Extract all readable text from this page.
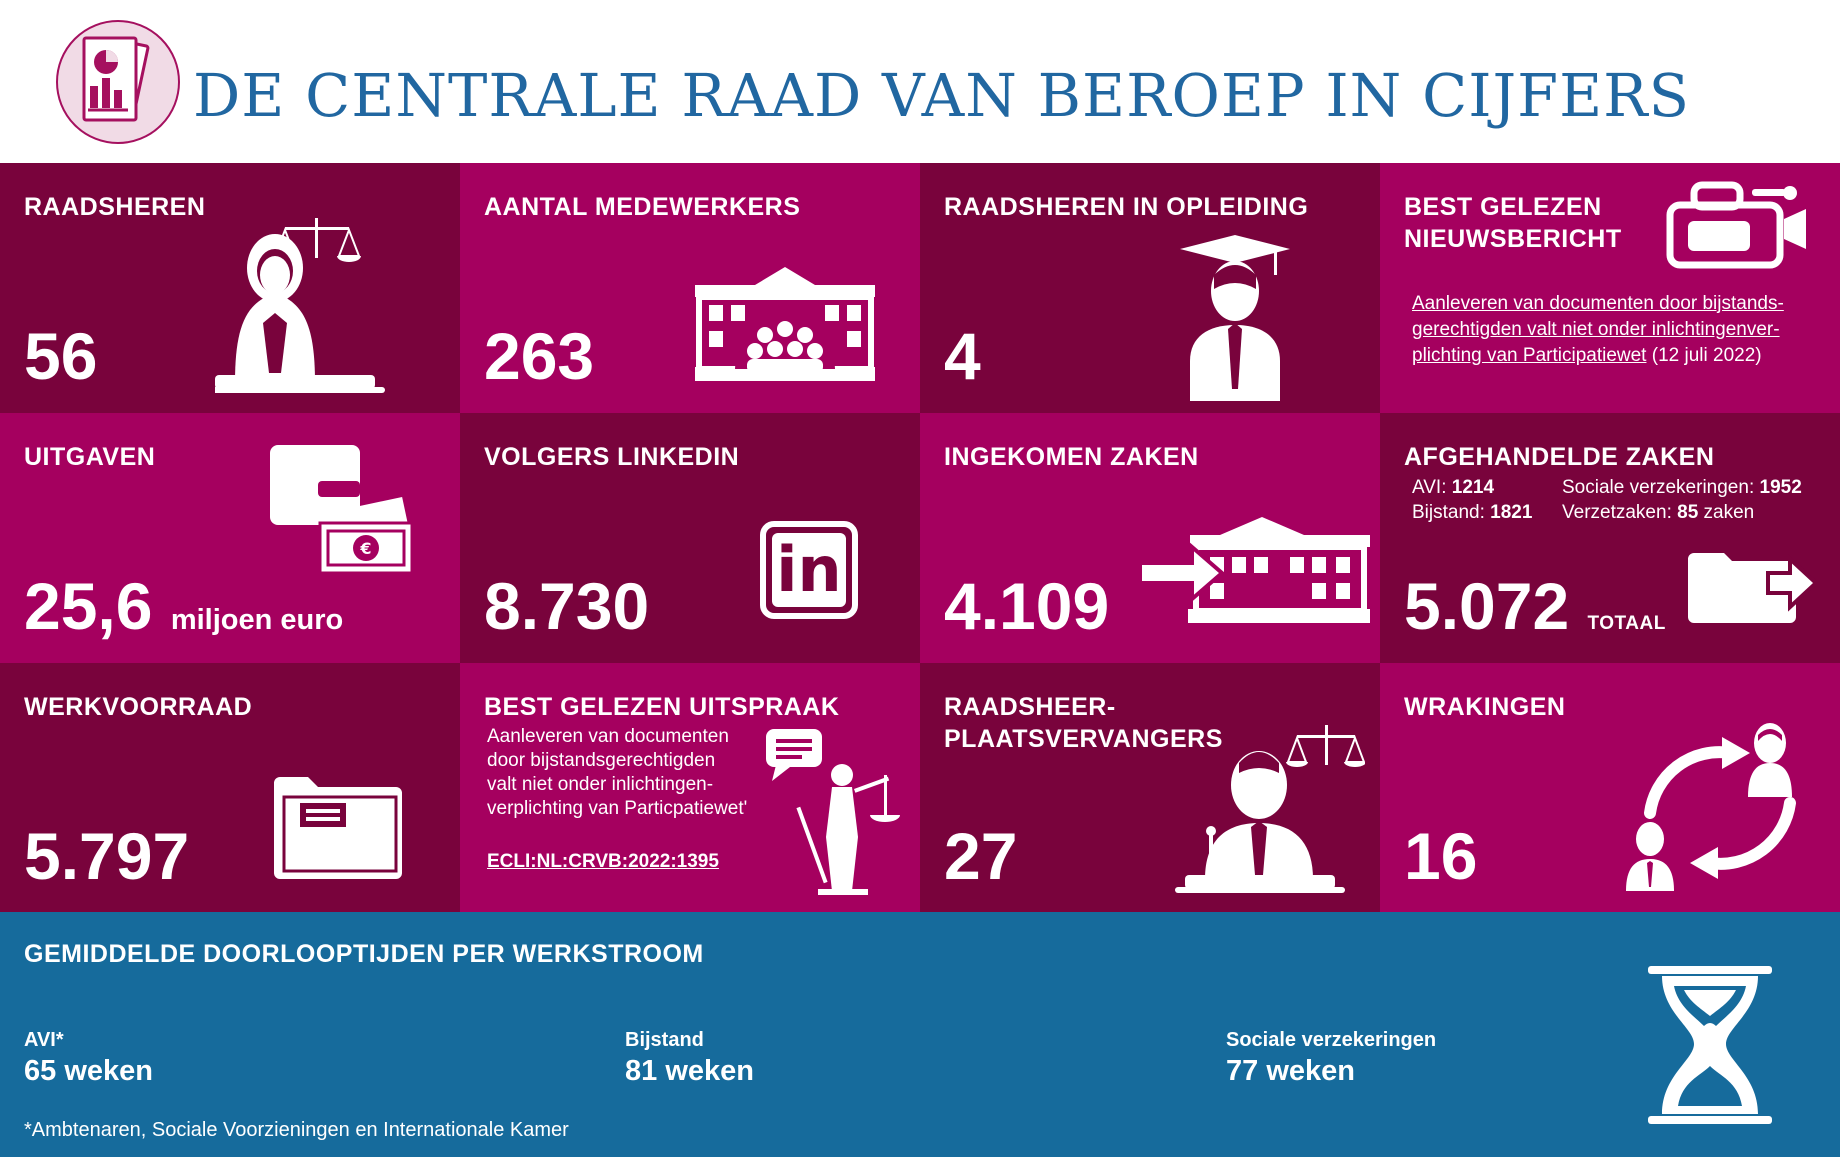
DE CENTRALE RAAD VAN BEROEP IN CIJFERS
RAADSHEREN
56
AANTAL MEDEWERKERS
263
RAADSHEREN IN OPLEIDING
4
BEST GELEZEN
NIEUWSBERICHT
Aanleveren van documenten door bijstands-
gerechtigden valt niet onder inlichtingenver-
plichting van Participatiewet (12 juli 2022)
UITGAVEN
25,6 miljoen euro
€
VOLGERS LINKEDIN
8.730 in
INGEKOMEN ZAKEN
4.109
AFGEHANDELDE ZAKEN
AVI: 1214
Bijstand: 1821
Sociale verzekeringen: 1952
Verzetzaken: 85 zaken
5.072 TOTAAL
WERKVOORRAAD
5.797
BEST GELEZEN UITSPRAAK
Aanleveren van documenten
door bijstandsgerechtigden
valt niet onder inlichtingen-
verplichting van Particpatiewet'
ECLI:NL:CRVB:2022:1395
RAADSHEER-
PLAATSVERVANGERS
27
WRAKINGEN
16
GEMIDDELDE DOORLOOPTIJDEN PER WERKSTROOM
AVI*
65 weken
Bijstand
81 weken
Sociale verzekeringen
77 weken
*Ambtenaren, Sociale Voorzieningen en Internationale Kamer
